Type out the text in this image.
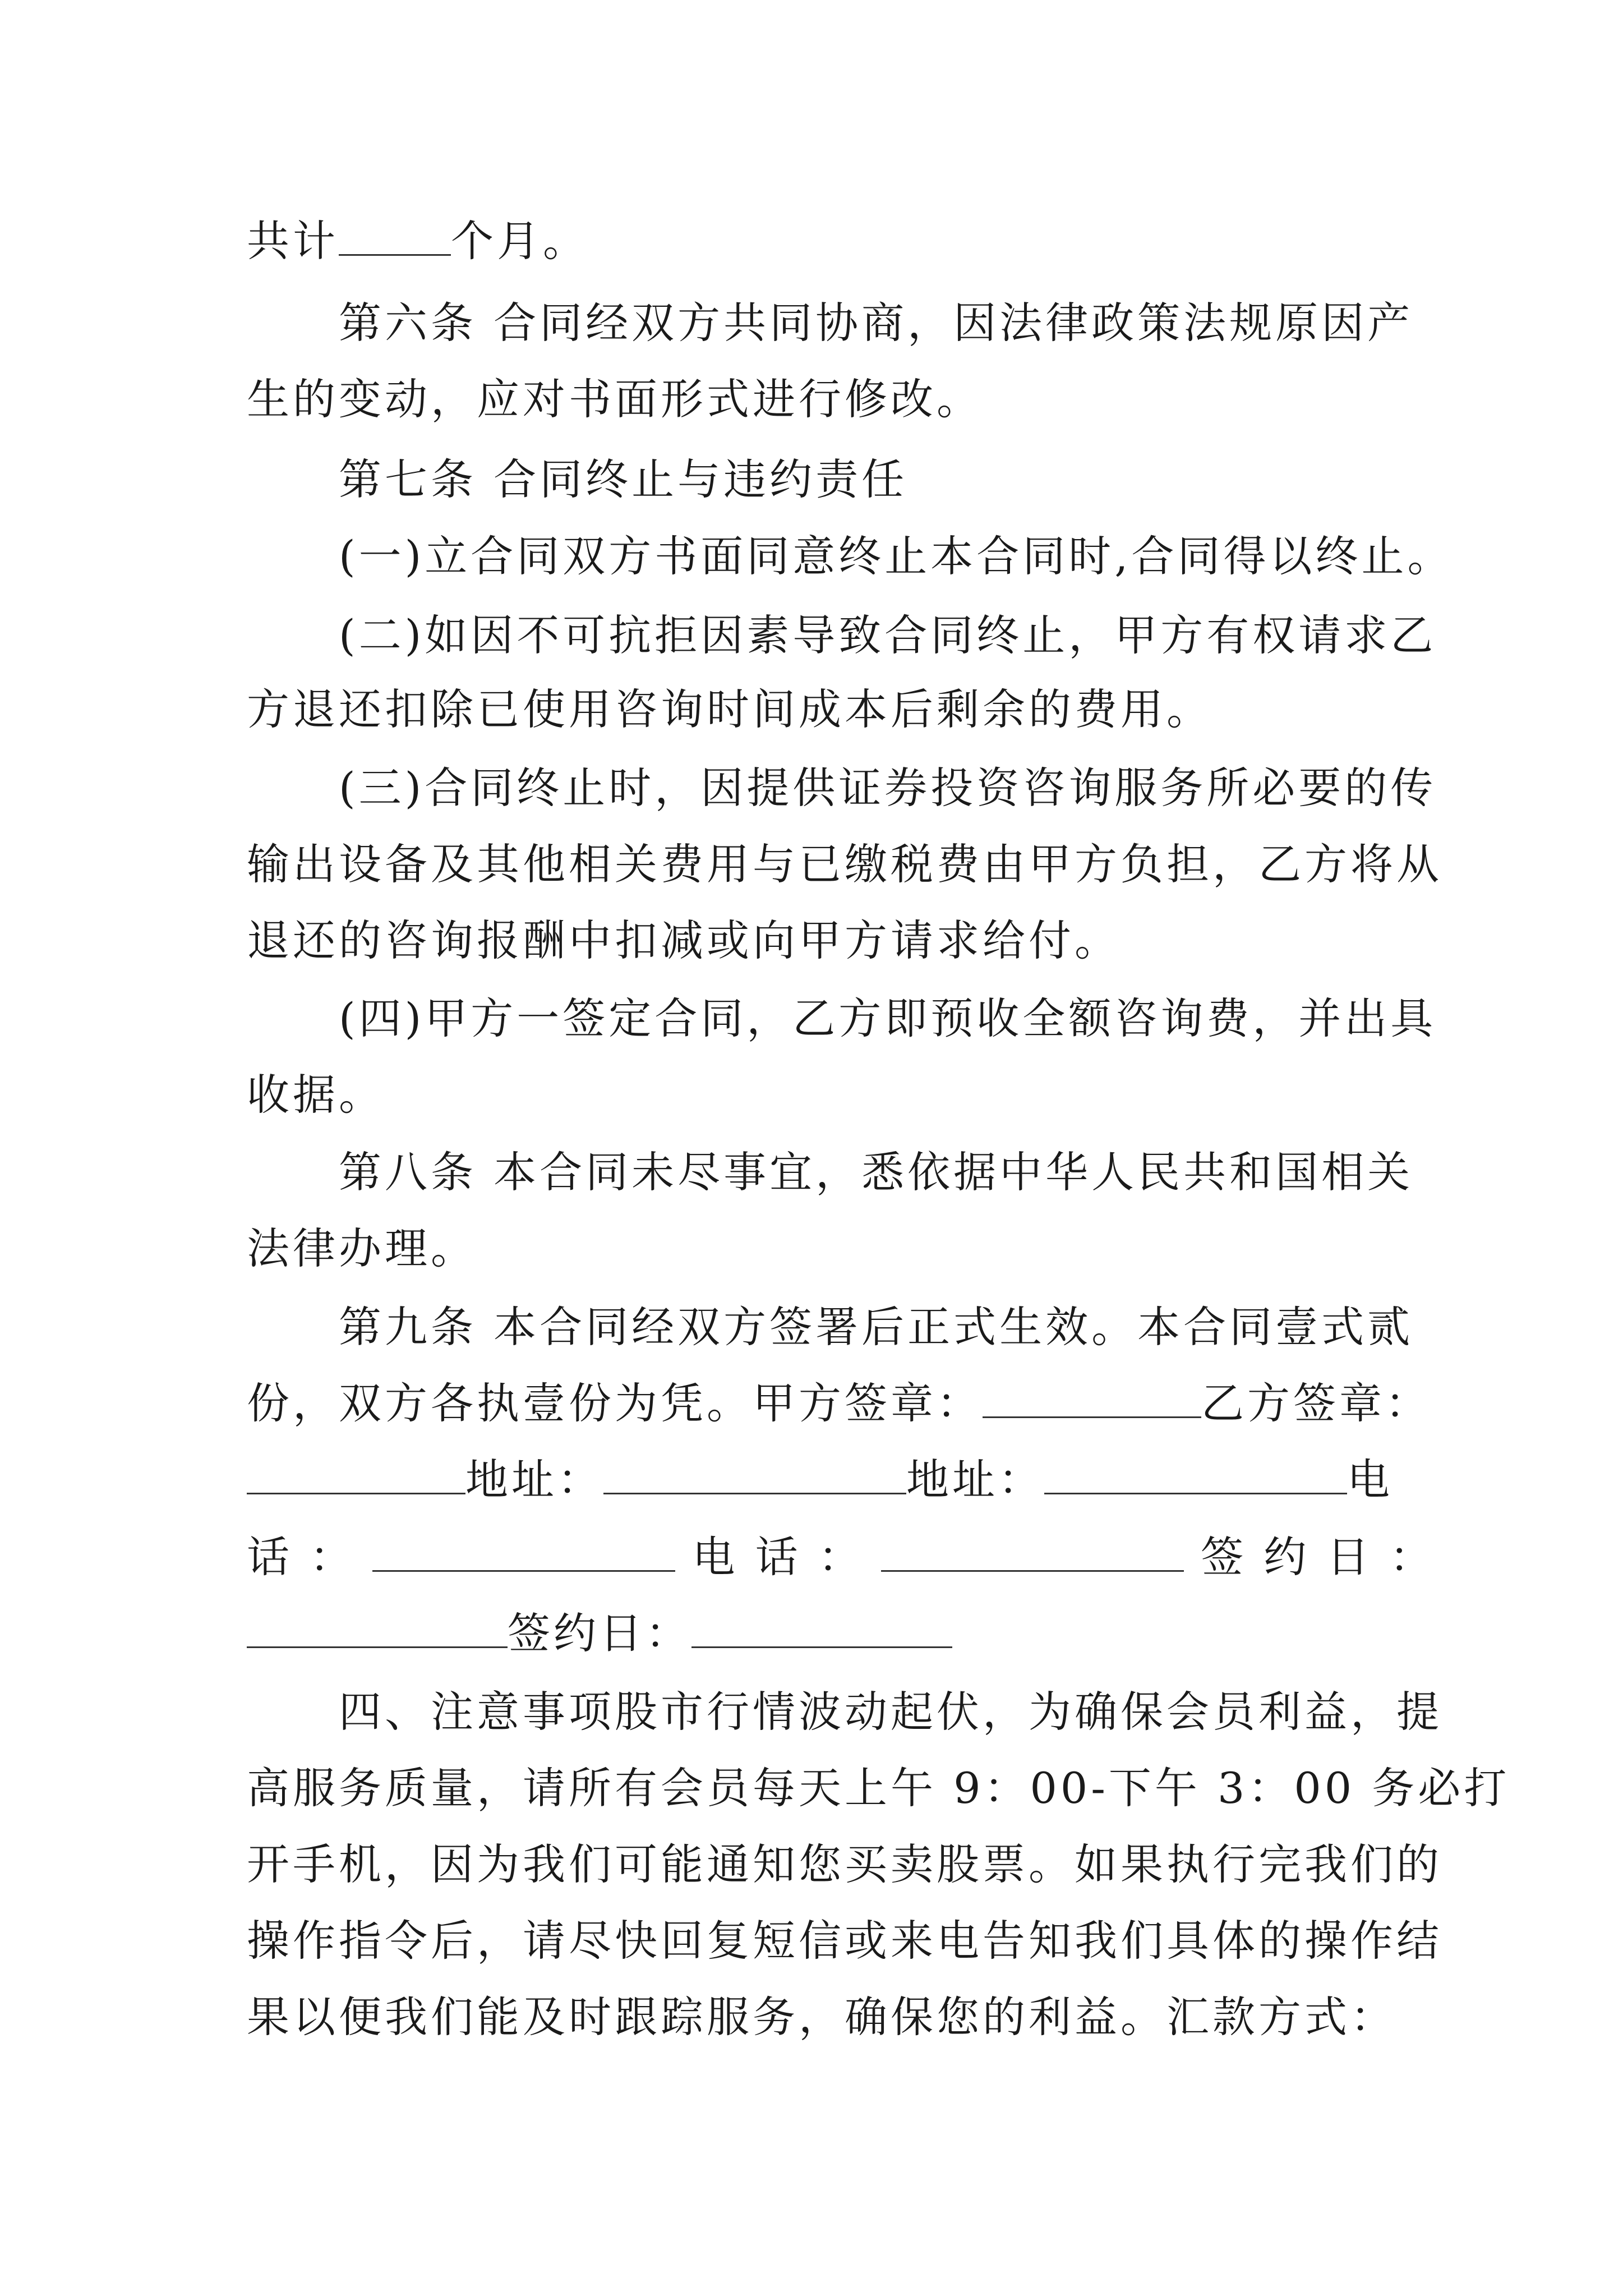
共计	个月。
第六条 合同经双方共同协商，因法律政策法规原因产
生的变动，应对书面形式进行修改。
第七条 合同终止与违约责任
(一)立合同双方书面同意终止本合同时,合同得以终止。
(二)如因不可抗拒因素导致合同终止，甲方有权请求乙
方退还扣除已使用咨询时间成本后剩余的费用。
(三)合同终止时，因提供证券投资咨询服务所必要的传
输出设备及其他相关费用与已缴税费由甲方负担，乙方将从
退还的咨询报酬中扣减或向甲方请求给付。
(四)甲方一签定合同，乙方即预收全额咨询费，并出具
收据。
第八条 本合同未尽事宜，悉依据中华人民共和国相关
法律办理。
第九条 本合同经双方签署后正式生效。本合同壹式贰
份，双方各执壹份为凭。甲方签章：	乙方签章：
地址：	地址：	电
话 ：	电 话 ：	签 约 日 ：
签约日：
四、注意事项股市行情波动起伏，为确保会员利益，提
高服务质量，请所有会员每天上午 9：00-下午 3：00 务必打
开手机，因为我们可能通知您买卖股票。如果执行完我们的
操作指令后，请尽快回复短信或来电告知我们具体的操作结
果以便我们能及时跟踪服务，确保您的利益。汇款方式：
